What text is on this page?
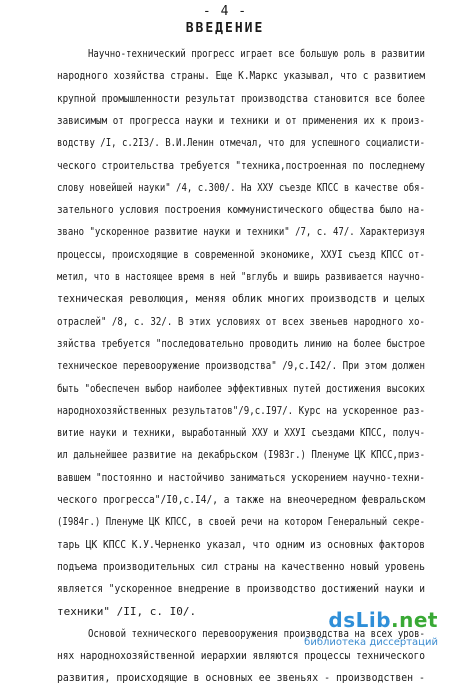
- 4 -
ВВЕДЕНИЕ
Научно-технический прогресс играет все большую роль в развитии
народного хозяйства страны. Еще К.Маркс указывал, что с развитием
крупной промышленности результат производства становится все более
зависимым от прогресса науки и техники и от применения их к произ-
водству /I, с.2I3/. В.И.Ленин отмечал, что для успешного социалисти-
ческого строительства требуется "техника,построенная по последнему
слову новейшей науки" /4, с.300/. На ХХУ съезде КПСС в качестве обя-
зательного условия построения коммунистического общества было на-
звано "ускоренное развитие науки и техники" /7, с. 47/. Характеризуя
процессы, происходящие в современной экономике, ХХУI съезд КПСС от-
метил, что в настоящее время в ней "вглубь и вширь развивается научно-
техническая революция, меняя облик многих производств и целых
отраслей" /8, с. 32/. В этих условиях от всех звеньев народного хо-
зяйства требуется "последовательно проводить линию на более быстрое
техническое перевооружение производства" /9,с.I42/. При этом должен
быть "обеспечен выбор наиболее эффективных путей достижения высоких
народнохозяйственных результатов"/9,с.I97/. Курс на ускоренное раз-
витие науки и техники, выработанный ХХУ и ХХУI съездами КПСС, получ-
ил дальнейшее развитие на декабрьском (I983г.) Пленуме ЦК КПСС,приз-
вавшем "постоянно и настойчиво заниматься ускорением научно-техни-
ческого прогресса"/I0,с.I4/, а также на внеочередном февральском
(I984г.) Пленуме ЦК КПСС, в своей речи на котором Генеральный секре-
тарь ЦК КПСС К.У.Черненко указал, что одним из основных факторов
подъема производительных сил страны на качественно новый уровень
является "ускоренное внедрение в производство достижений науки и
техники" /II, с. I0/.
Основой технического перевооружения производства на всех уров-
нях народнохозяйственной иерархии являются процессы технического
развития, происходящие в основных ее звеньях - производствен -
dsLib.net
библиотека диссертаций
